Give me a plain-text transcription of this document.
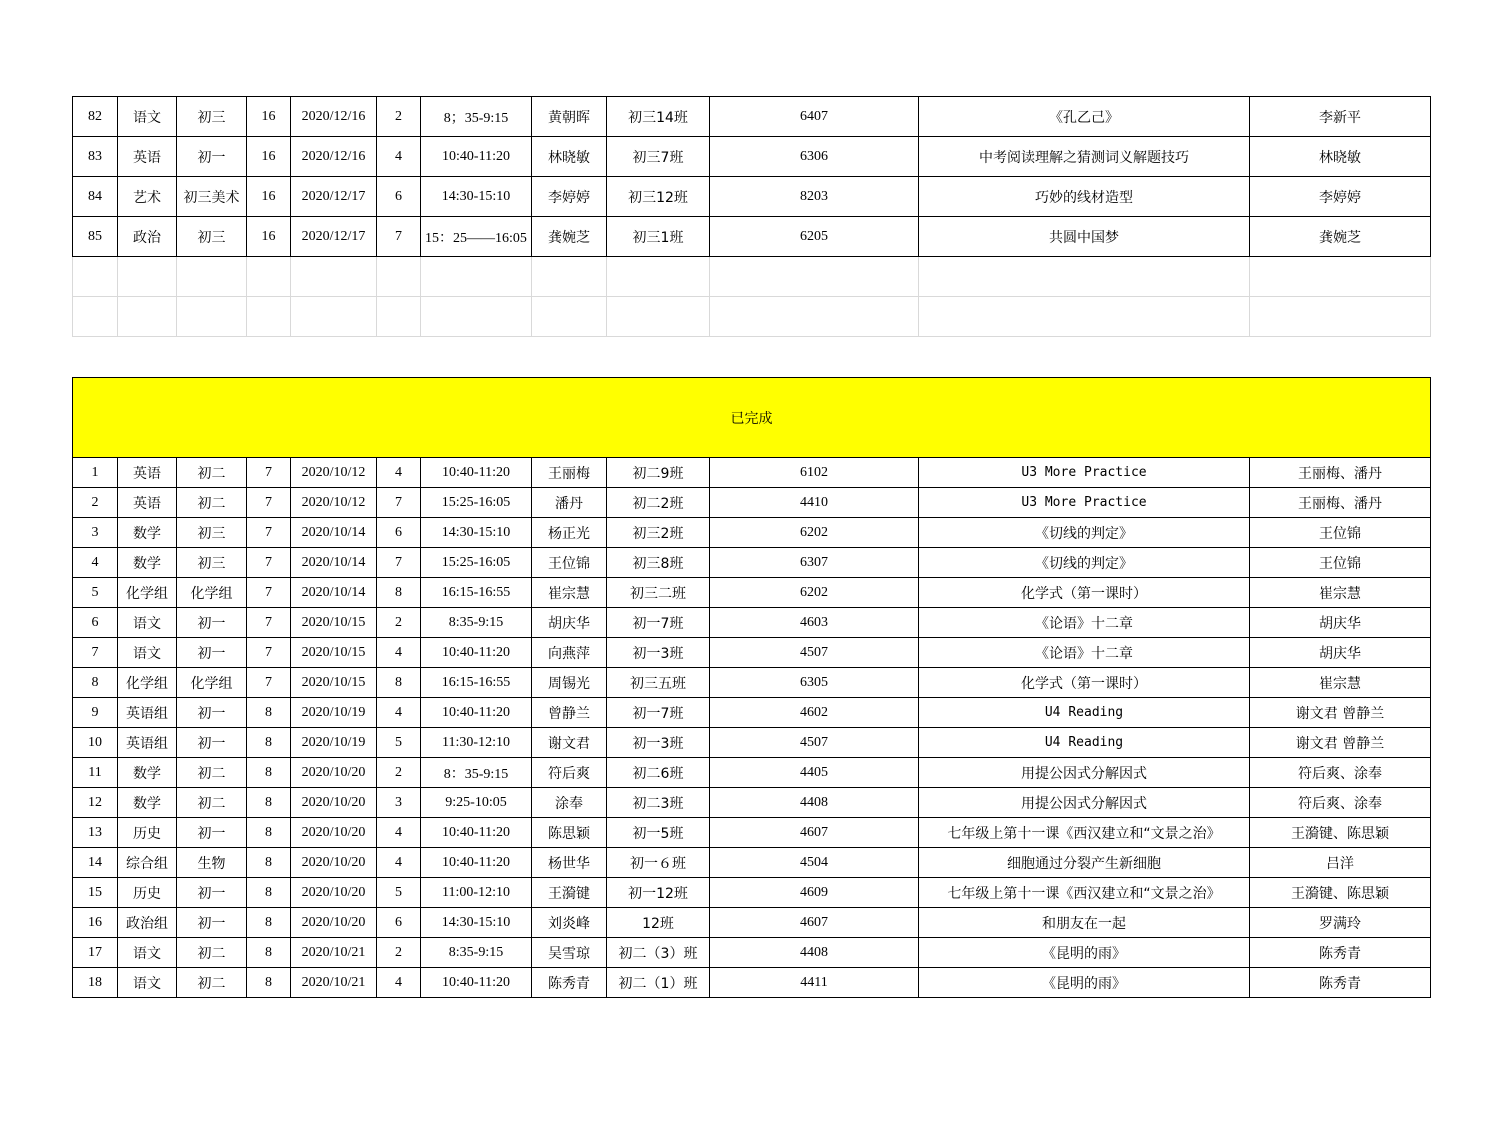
82	语文	初三	16	2020/12/16	2	8；35-9:15	黄朝晖	初三14班	6407	《孔乙己》	李新平
83	英语	初一	16	2020/12/16	4	10:40-11:20	林晓敏	初三7班	6306	中考阅读理解之猜测词义解题技巧	林晓敏
84	艺术	初三美术	16	2020/12/17	6	14:30-15:10	李婷婷	初三12班	8203	巧妙的线材造型	李婷婷
85	政治	初三	16	2020/12/17	7	15：25——16:05	龚婉芝	初三1班	6205	共圆中国梦	龚婉芝

已完成											
1	英语	初二	7	2020/10/12	4	10:40-11:20	王丽梅	初二9班	6102	U3 More Practice	王丽梅、潘丹
2	英语	初二	7	2020/10/12	7	15:25-16:05	潘丹	初二2班	4410	U3 More Practice	王丽梅、潘丹
3	数学	初三	7	2020/10/14	6	14:30-15:10	杨正光	初三2班	6202	《切线的判定》	王位锦
4	数学	初三	7	2020/10/14	7	15:25-16:05	王位锦	初三8班	6307	《切线的判定》	王位锦
5	化学组	化学组	7	2020/10/14	8	16:15-16:55	崔宗慧	初三二班	6202	化学式（第一课时）	崔宗慧
6	语文	初一	7	2020/10/15	2	8:35-9:15	胡庆华	初一7班	4603	《论语》十二章	胡庆华
7	语文	初一	7	2020/10/15	4	10:40-11:20	向燕萍	初一3班	4507	《论语》十二章	胡庆华
8	化学组	化学组	7	2020/10/15	8	16:15-16:55	周锡光	初三五班	6305	化学式（第一课时）	崔宗慧
9	英语组	初一	8	2020/10/19	4	10:40-11:20	曾静兰	初一7班	4602	U4 Reading	谢文君 曾静兰
10	英语组	初一	8	2020/10/19	5	11:30-12:10	谢文君	初一3班	4507	U4 Reading	谢文君 曾静兰
11	数学	初二	8	2020/10/20	2	8：35-9:15	符后爽	初二6班	4405	用提公因式分解因式	符后爽、涂奉
12	数学	初二	8	2020/10/20	3	9:25-10:05	涂奉	初二3班	4408	用提公因式分解因式	符后爽、涂奉
13	历史	初一	8	2020/10/20	4	10:40-11:20	陈思颖	初一5班	4607	七年级上第十一课《西汉建立和“文景之治》	王漪键、陈思颖
14	综合组	生物	8	2020/10/20	4	10:40-11:20	杨世华	初一６班	4504	细胞通过分裂产生新细胞	吕洋
15	历史	初一	8	2020/10/20	5	11:00-12:10	王漪键	初一12班	4609	七年级上第十一课《西汉建立和“文景之治》	王漪键、陈思颖
16	政治组	初一	8	2020/10/20	6	14:30-15:10	刘炎峰	12班	4607	和朋友在一起	罗满玲
17	语文	初二	8	2020/10/21	2	8:35-9:15	吴雪琼	初二（3）班	4408	《昆明的雨》	陈秀青
18	语文	初二	8	2020/10/21	4	10:40-11:20	陈秀青	初二（1）班	4411	《昆明的雨》	陈秀青
